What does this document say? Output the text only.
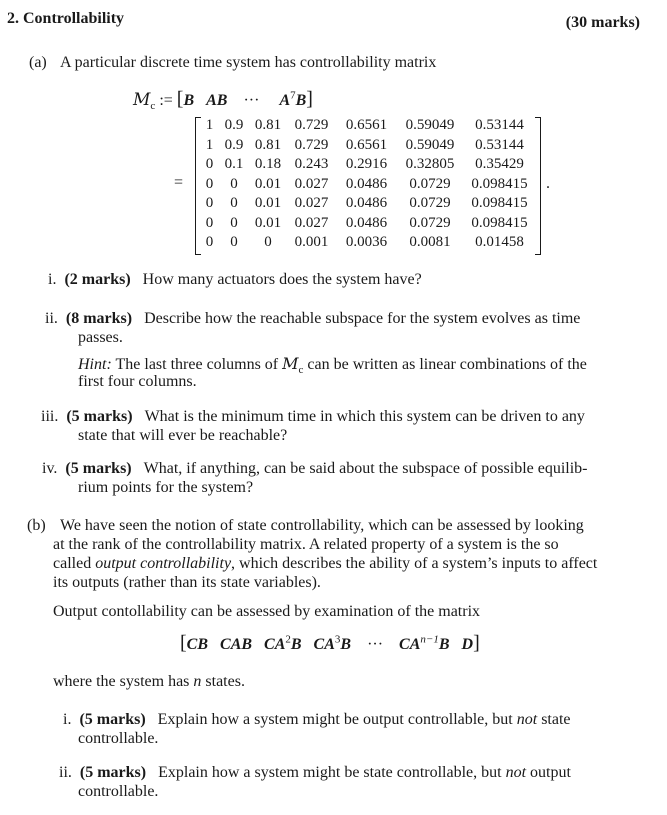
2. Controllability	(30 marks)
(a) A particular discrete time system has controllability matrix
$M_c$ := [B AB ··· $A^7B$]
=	.
1	0.9	0.81	0.729	0.6561	0.59049	0.53144
1	0.9	0.81	0.729	0.6561	0.59049	0.53144
0	0.1	0.18	0.243	0.2916	0.32805	0.35429
0	0	0.01	0.027	0.0486	0.0729	0.098415
0	0	0.01	0.027	0.0486	0.0729	0.098415
0	0	0.01	0.027	0.0486	0.0729	0.098415
0	0	0	0.001	0.0036	0.0081	0.01458
i. (2 marks) How many actuators does the system have?
ii. (8 marks) Describe how the reachable subspace for the system evolves as time
passes.
Hint: The last three columns of $M_c$ can be written as linear combinations of the
first four columns.
iii. (5 marks) What is the minimum time in which this system can be driven to any
state that will ever be reachable?
iv. (5 marks) What, if anything, can be said about the subspace of possible equilib-
rium points for the system?
(b) We have seen the notion of state controllability, which can be assessed by looking
at the rank of the controllability matrix. A related property of a system is the so
called output controllability, which describes the ability of a system’s inputs to affect
its outputs (rather than its state variables).
Output contollability can be assessed by examination of the matrix
[CB CAB $CA^2B$ $CA^3B$ ··· $CA^{n-1}B$ D]
where the system has n states.
i. (5 marks) Explain how a system might be output controllable, but not state
controllable.
ii. (5 marks) Explain how a system might be state controllable, but not output
controllable.
